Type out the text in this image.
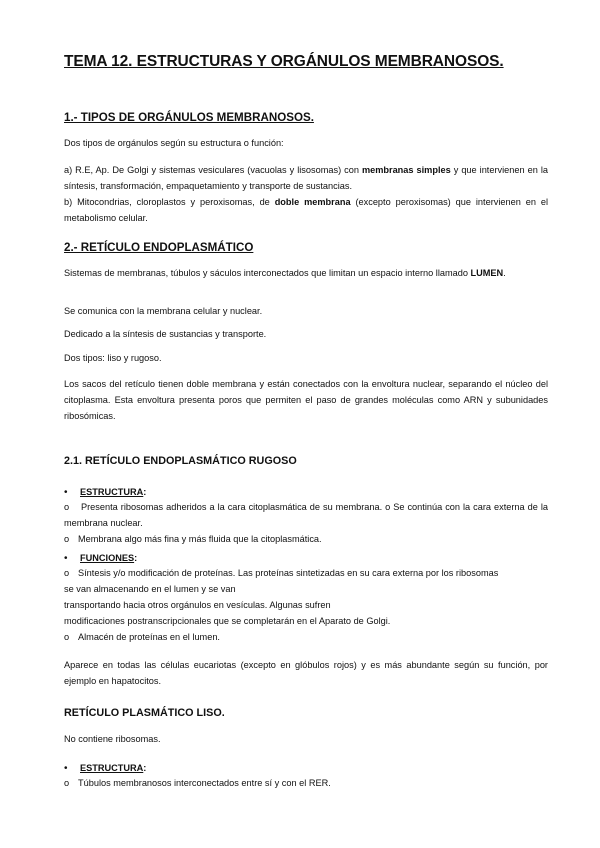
TEMA 12. ESTRUCTURAS Y ORGÁNULOS MEMBRANOSOS.
1.- TIPOS DE ORGÁNULOS MEMBRANOSOS.

Dos tipos de orgánulos según su estructura o función:

a) R.E, Ap. De Golgi y sistemas vesiculares (vacuolas y lisosomas) con membranas simples y que intervienen en la síntesis, transformación, empaquetamiento y transporte de sustancias.

b) Mitocondrias, cloroplastos y peroxisomas, de doble membrana (excepto peroxisomas) que intervienen en el metabolismo celular.

2.- RETÍCULO ENDOPLASMÁTICO

Sistemas de membranas, túbulos y sáculos interconectados que limitan un espacio interno llamado LUMEN.

Se comunica con la membrana celular y nuclear.

Dedicado a la síntesis de sustancias y transporte.

Dos tipos: liso y rugoso.

Los sacos del retículo tienen doble membrana y están conectados con la envoltura nuclear, separando el núcleo del citoplasma. Esta envoltura presenta poros que permiten el paso de grandes moléculas como ARN y subunidades ribosómicas.

2.1. RETÍCULO ENDOPLASMÁTICO RUGOSO

• ESTRUCTURA:

o Presenta ribosomas adheridos a la cara citoplasmática de su membrana. o Se continúa con la cara externa de la membrana nuclear.

o Membrana algo más fina y más fluida que la citoplasmática.

• FUNCIONES:

o Síntesis y/o modificación de proteínas. Las proteínas sintetizadas en su cara externa por los ribosomas

se van almacenando en el lumen y se van

transportando hacia otros orgánulos en vesículas. Algunas sufren

modificaciones postranscripcionales que se completarán en el Aparato de Golgi.

o Almacén de proteínas en el lumen.

Aparece en todas las células eucariotas (excepto en glóbulos rojos) y es más abundante según su función, por ejemplo en hapatocitos.

RETÍCULO PLASMÁTICO LISO.

No contiene ribosomas.

• ESTRUCTURA:

o Túbulos membranosos interconectados entre sí y con el RER.
